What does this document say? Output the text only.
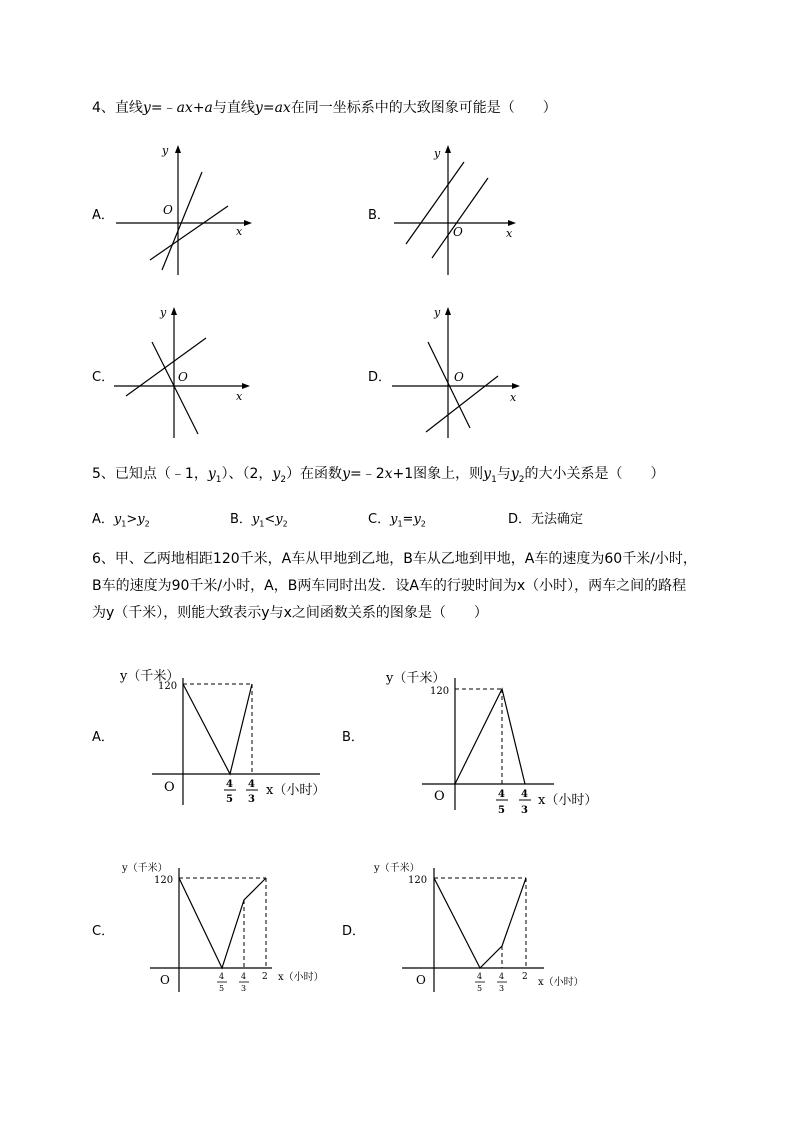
4、直线y=﹣ax+a与直线y=ax在同一坐标系中的大致图象可能是（　　）
A．	B．
C．	D．
y
O
x
y
O	x
y
O
x
y
O
x
5、已知点（﹣1，$y_1$）、（2，$y_2$）在函数y=﹣2x+1图象上，则$y_1$与$y_2$的大小关系是（　　）
A．$y_1>y_2$	B．$y_1<y_2$	C．$y_1=y_2$	D．无法确定
6、甲、乙两地相距120千米，A车从甲地到乙地，B车从乙地到甲地，A车的速度为60千米/小时，
B车的速度为90千米/小时，A，B两车同时出发．设A车的行驶时间为x（小时），两车之间的路程
为y（千米），则能大致表示y与x之间函数关系的图象是（　　）
A．	B．
C．	D．
y（千米）
120
O	4
5
4
3
x（小时）
y（千米）
120
O	4
5
4
3
x（小时）
y（千米）
120
O	4
5
4
3
2 x（小时）
y（千米）
120
O	4
5
4
3
2 x（小时）
